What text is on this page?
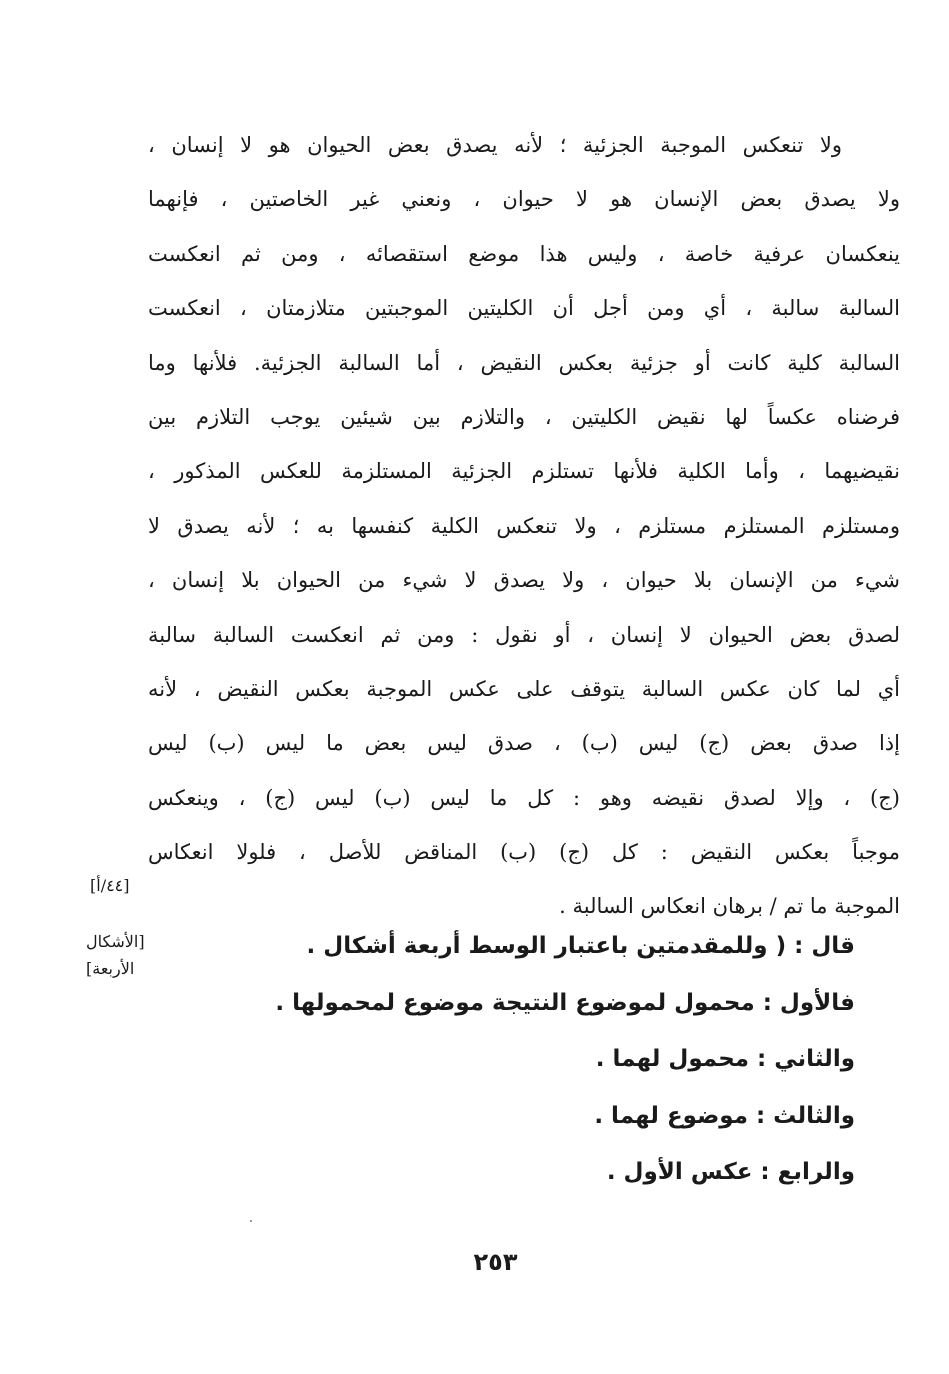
ولا تنعكس الموجبة الجزئية ؛ لأنه يصدق بعض الحيوان هو لا إنسان ،
ولا يصدق بعض الإنسان هو لا حيوان ، ونعني غير الخاصتين ، فإنهما
ينعكسان عرفية خاصة ، وليس هذا موضع استقصائه ، ومن ثم انعكست
السالبة سالبة ، أي ومن أجل أن الكليتين الموجبتين متلازمتان ، انعكست
السالبة كلية كانت أو جزئية بعكس النقيض ، أما السالبة الجزئية. فلأنها وما
فرضناه عكساً لها نقيض الكليتين ، والتلازم بين شيئين يوجب التلازم بين
نقيضيهما ، وأما الكلية فلأنها تستلزم الجزئية المستلزمة للعكس المذكور ،
ومستلزم المستلزم مستلزم ، ولا تنعكس الكلية كنفسها به ؛ لأنه يصدق لا
شيء من الإنسان بلا حيوان ، ولا يصدق لا شيء من الحيوان بلا إنسان ،
لصدق بعض الحيوان لا إنسان ، أو نقول : ومن ثم انعكست السالبة سالبة
أي لما كان عكس السالبة يتوقف على عكس الموجبة بعكس النقيض ، لأنه
إذا صدق بعض (ج) ليس (ب) ، صدق ليس بعض ما ليس (ب) ليس
(ج) ، وإلا لصدق نقيضه وهو : كل ما ليس (ب) ليس (ج) ، وينعكس
موجباً بعكس النقيض : كل (ج) (ب) المناقض للأصل ، فلولا انعكاس
الموجبة ما تم / برهان انعكاس السالبة .
[٤٤/أ]
[الأشكال
الأربعة]
قال : ( وللمقدمتين باعتبار الوسط أربعة أشكال .
فالأول : محمول لموضوع النتيجة موضوع لمحمولها .
والثاني : محمول لهما .
والثالث : موضوع لهما .
والرابع : عكس الأول .
٢٥٣
